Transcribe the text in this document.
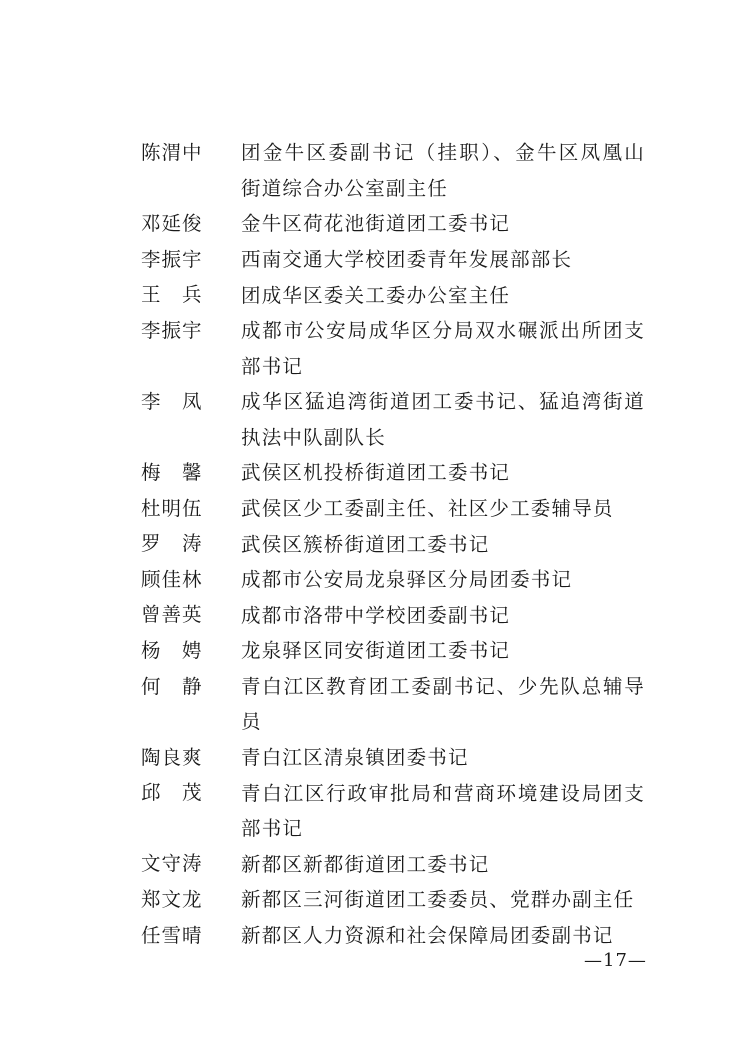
陈渭中	团金牛区委副书记（挂职）、金牛区凤凰山街道综合办公室副主任
邓延俊	金牛区荷花池街道团工委书记
李振宇	西南交通大学校团委青年发展部部长
王　兵	团成华区委关工委办公室主任
李振宇	成都市公安局成华区分局双水碾派出所团支部书记
李　凤	成华区猛追湾街道团工委书记、猛追湾街道执法中队副队长
梅　馨	武侯区机投桥街道团工委书记
杜明伍	武侯区少工委副主任、社区少工委辅导员
罗　涛	武侯区簇桥街道团工委书记
顾佳林	成都市公安局龙泉驿区分局团委书记
曾善英	成都市洛带中学校团委副书记
杨　娉	龙泉驿区同安街道团工委书记
何　静	青白江区教育团工委副书记、少先队总辅导员
陶良爽	青白江区清泉镇团委书记
邱　茂	青白江区行政审批局和营商环境建设局团支部书记
文守涛	新都区新都街道团工委书记
郑文龙	新都区三河街道团工委委员、党群办副主任
任雪晴	新都区人力资源和社会保障局团委副书记
—17—
